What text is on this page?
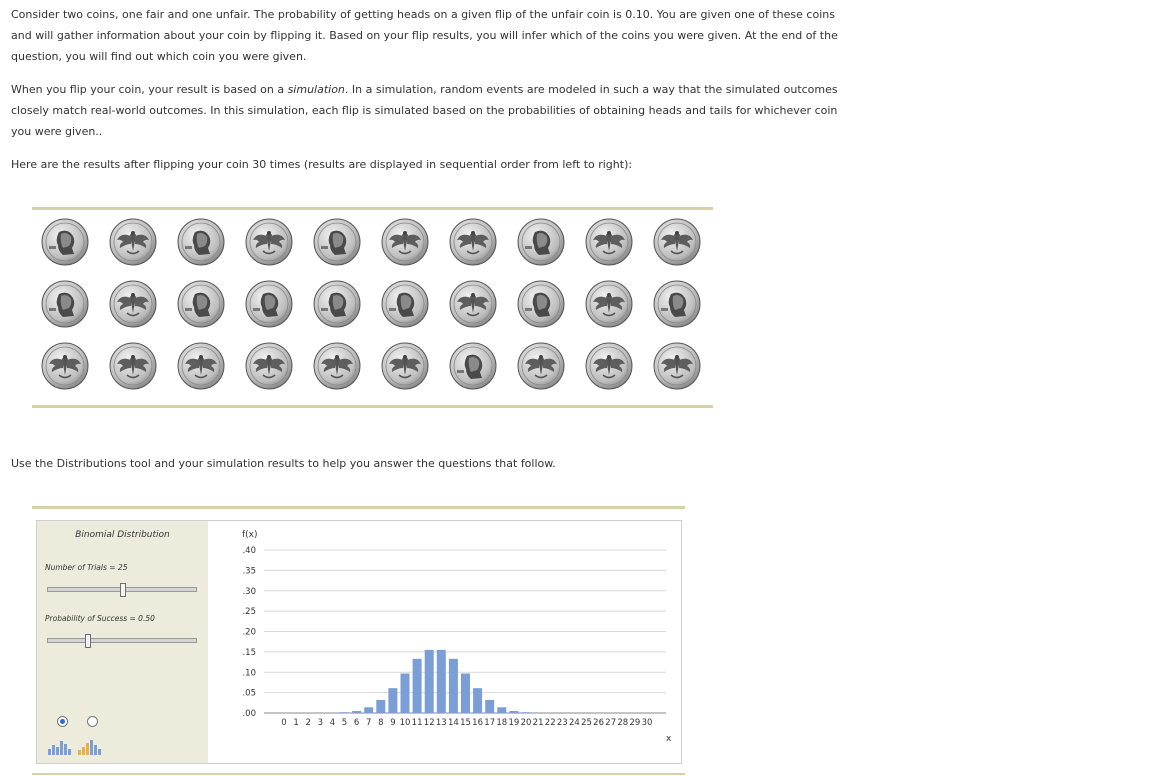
Consider two coins, one fair and one unfair. The probability of getting heads on a given flip of the unfair coin is 0.10. You are given one of these coins and will gather information about your coin by flipping it. Based on your flip results, you will infer which of the coins you were given. At the end of the question, you will find out which coin you were given.

When you flip your coin, your result is based on a simulation. In a simulation, random events are modeled in such a way that the simulated outcomes closely match real-world outcomes. In this simulation, each flip is simulated based on the probabilities of obtaining heads and tails for whichever coin you were given..

Here are the results after flipping your coin 30 times (results are displayed in sequential order from left to right):

Use the Distributions tool and your simulation results to help you answer the questions that follow.

Binomial Distribution
Number of Trials = 25
Probability of Success = 0.50
f(x)
x
.40
.35
.30
.25
.20
.15
.10
.05
.00
0 1 2 3 4 5 6 7 8 9 10 11 12 13 14 15 16 17 18 19 20 21 22 23 24 25 26 27 28 29 30
